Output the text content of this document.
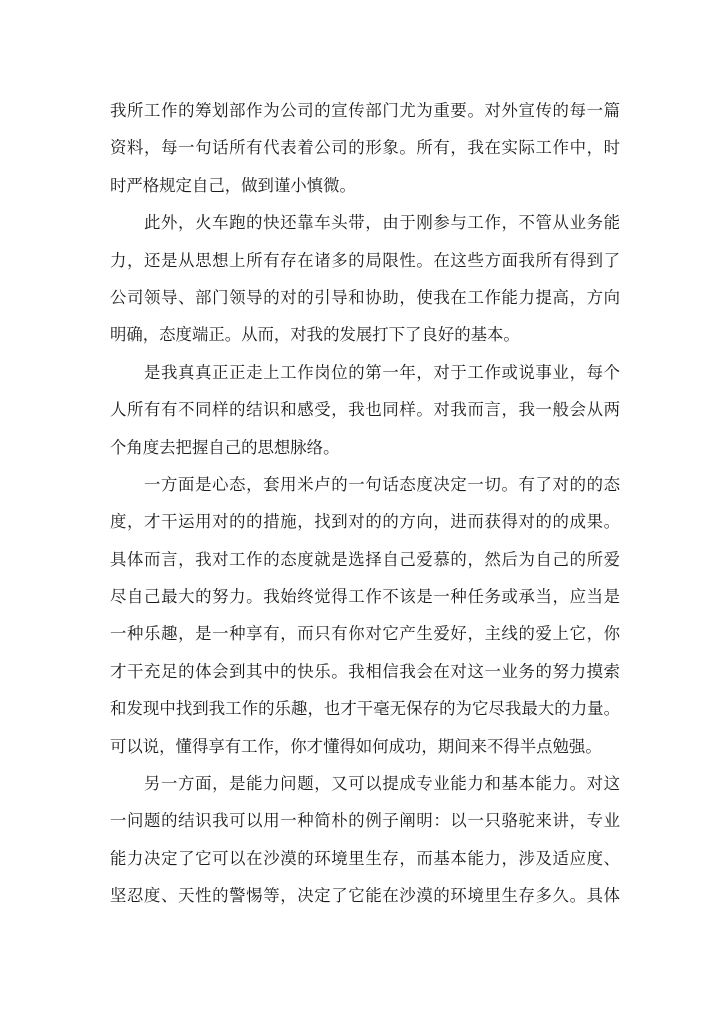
我所工作的筹划部作为公司的宣传部门尤为重要。对外宣传的每一篇
资料，每一句话所有代表着公司的形象。所有，我在实际工作中，时
时严格规定自己，做到谨小慎微。
此外，火车跑的快还靠车头带，由于刚参与工作，不管从业务能
力，还是从思想上所有存在诸多的局限性。在这些方面我所有得到了
公司领导、部门领导的对的引导和协助，使我在工作能力提高，方向
明确，态度端正。从而，对我的发展打下了良好的基本。
是我真真正正走上工作岗位的第一年，对于工作或说事业，每个
人所有有不同样的结识和感受，我也同样。对我而言，我一般会从两
个角度去把握自己的思想脉络。
一方面是心态，套用米卢的一句话态度决定一切。有了对的的态
度，才干运用对的的措施，找到对的的方向，进而获得对的的成果。
具体而言，我对工作的态度就是选择自己爱慕的，然后为自己的所爱
尽自己最大的努力。我始终觉得工作不该是一种任务或承当，应当是
一种乐趣，是一种享有，而只有你对它产生爱好，主线的爱上它，你
才干充足的体会到其中的快乐。我相信我会在对这一业务的努力摸索
和发现中找到我工作的乐趣，也才干毫无保存的为它尽我最大的力量。
可以说，懂得享有工作，你才懂得如何成功，期间来不得半点勉强。
另一方面，是能力问题，又可以提成专业能力和基本能力。对这
一问题的结识我可以用一种简朴的例子阐明：以一只骆驼来讲，专业
能力决定了它可以在沙漠的环境里生存，而基本能力，涉及适应度、
坚忍度、天性的警惕等，决定了它能在沙漠的环境里生存多久。具体
